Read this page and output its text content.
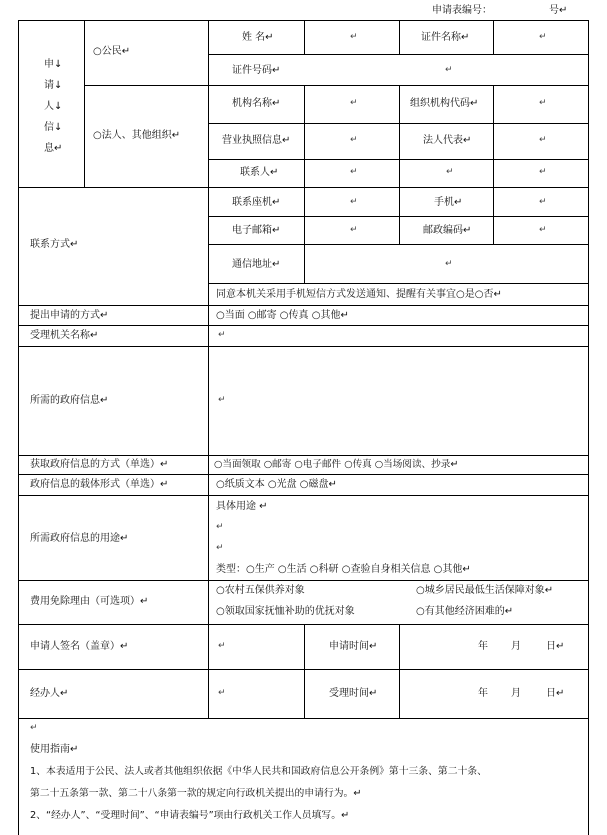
申请表编号：	号↵
申↓
请↓
人↓
信↓
息↵
○公民↵
姓 名↵	↵	证件名称↵	↵
证件号码↵	↵
○法人、其他组织↵
机构名称↵	↵	组织机构代码↵	↵
营业执照信息↵	↵	法人代表↵	↵
联系人↵	↵	↵	↵
联系方式↵
联系座机↵	↵	手机↵	↵
电子邮箱↵	↵	邮政编码↵	↵
通信地址↵	↵
同意本机关采用手机短信方式发送通知、提醒有关事宜○是○否↵
提出申请的方式↵	○当面 ○邮寄 ○传真 ○其他↵
受理机关名称↵	↵
所需的政府信息↵	↵
获取政府信息的方式（单选）↵	○当面领取 ○邮寄 ○电子邮件 ○传真 ○当场阅读、抄录↵
政府信息的载体形式（单选）↵	○纸质文本 ○光盘 ○磁盘↵
所需政府信息的用途↵
具体用途 ↵
↵
↵
类型：○生产 ○生活 ○科研 ○查验自身相关信息 ○其他↵
费用免除理由（可选项）↵
○农村五保供养对象	○城乡居民最低生活保障对象↵
○领取国家抚恤补助的优抚对象	○有其他经济困难的↵
申请人签名（盖章）↵	↵	申请时间↵	年 月	日↵
经办人↵	↵	受理时间↵	年 月	日↵
↵
使用指南↵
1、本表适用于公民、法人或者其他组织依据《中华人民共和国政府信息公开条例》第十三条、第二十条、
第二十五条第一款、第二十八条第一款的规定向行政机关提出的申请行为。↵
2、“经办人”、“受理时间”、“申请表编号”项由行政机关工作人员填写。↵
